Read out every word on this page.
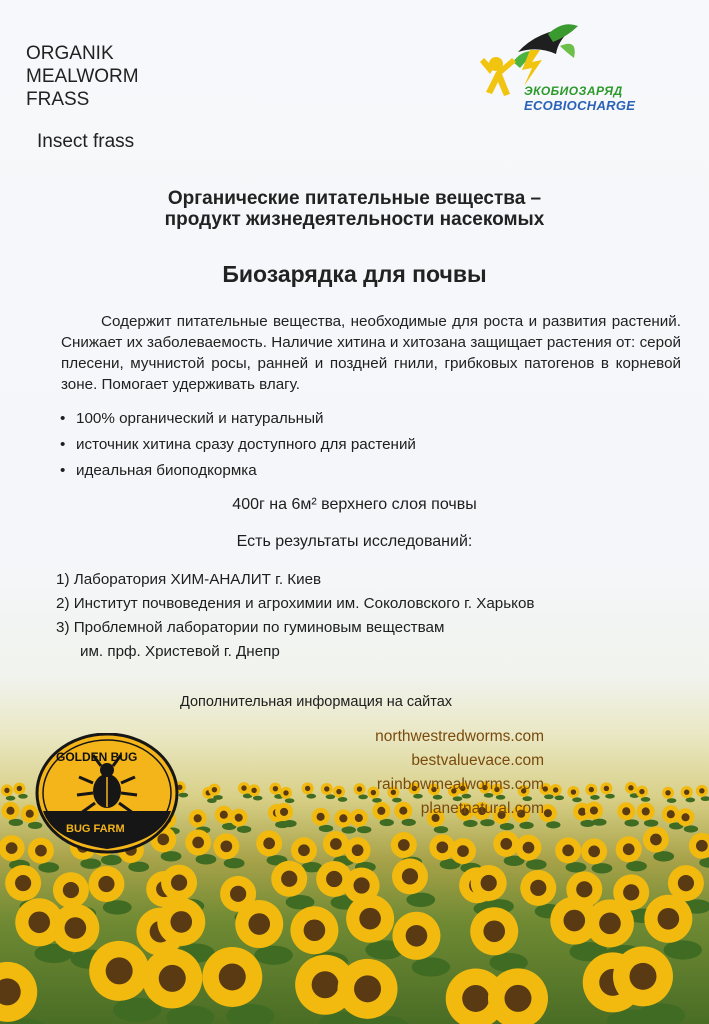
ORGANIK
MEALWORM
FRASS
Insect frass
ЭКОБИОЗАРЯД
ECOBIOCHARGE
Органические питательные вещества –
продукт жизнедеятельности насекомых
Биозарядка для почвы
Содержит питательные вещества, необходимые для роста и развития растений. Снижает их заболеваемость. Наличие хитина и хитозана защищает растения от: серой плесени, мучнистой росы, ранней и поздней гнили, грибковых патогенов в корневой зоне. Помогает удерживать влагу.
• 100% органический и натуральный
• источник хитина сразу доступного для растений
• идеальная биоподкормка
400г на 6м² верхнего слоя почвы
Есть результаты исследований:
1) Лаборатория ХИМ-АНАЛИТ г. Киев
2) Институт почвоведения и агрохимии им. Соколовского г. Харьков
3) Проблемной лаборатории по гуминовым веществам
им. прф. Христевой г. Днепр
Дополнительная информация на сайтах
northwestredworms.com
bestvaluevace.com
rainbowmealworms.com
planetnatural.com
GOLDEN BUG
BUG FARM
